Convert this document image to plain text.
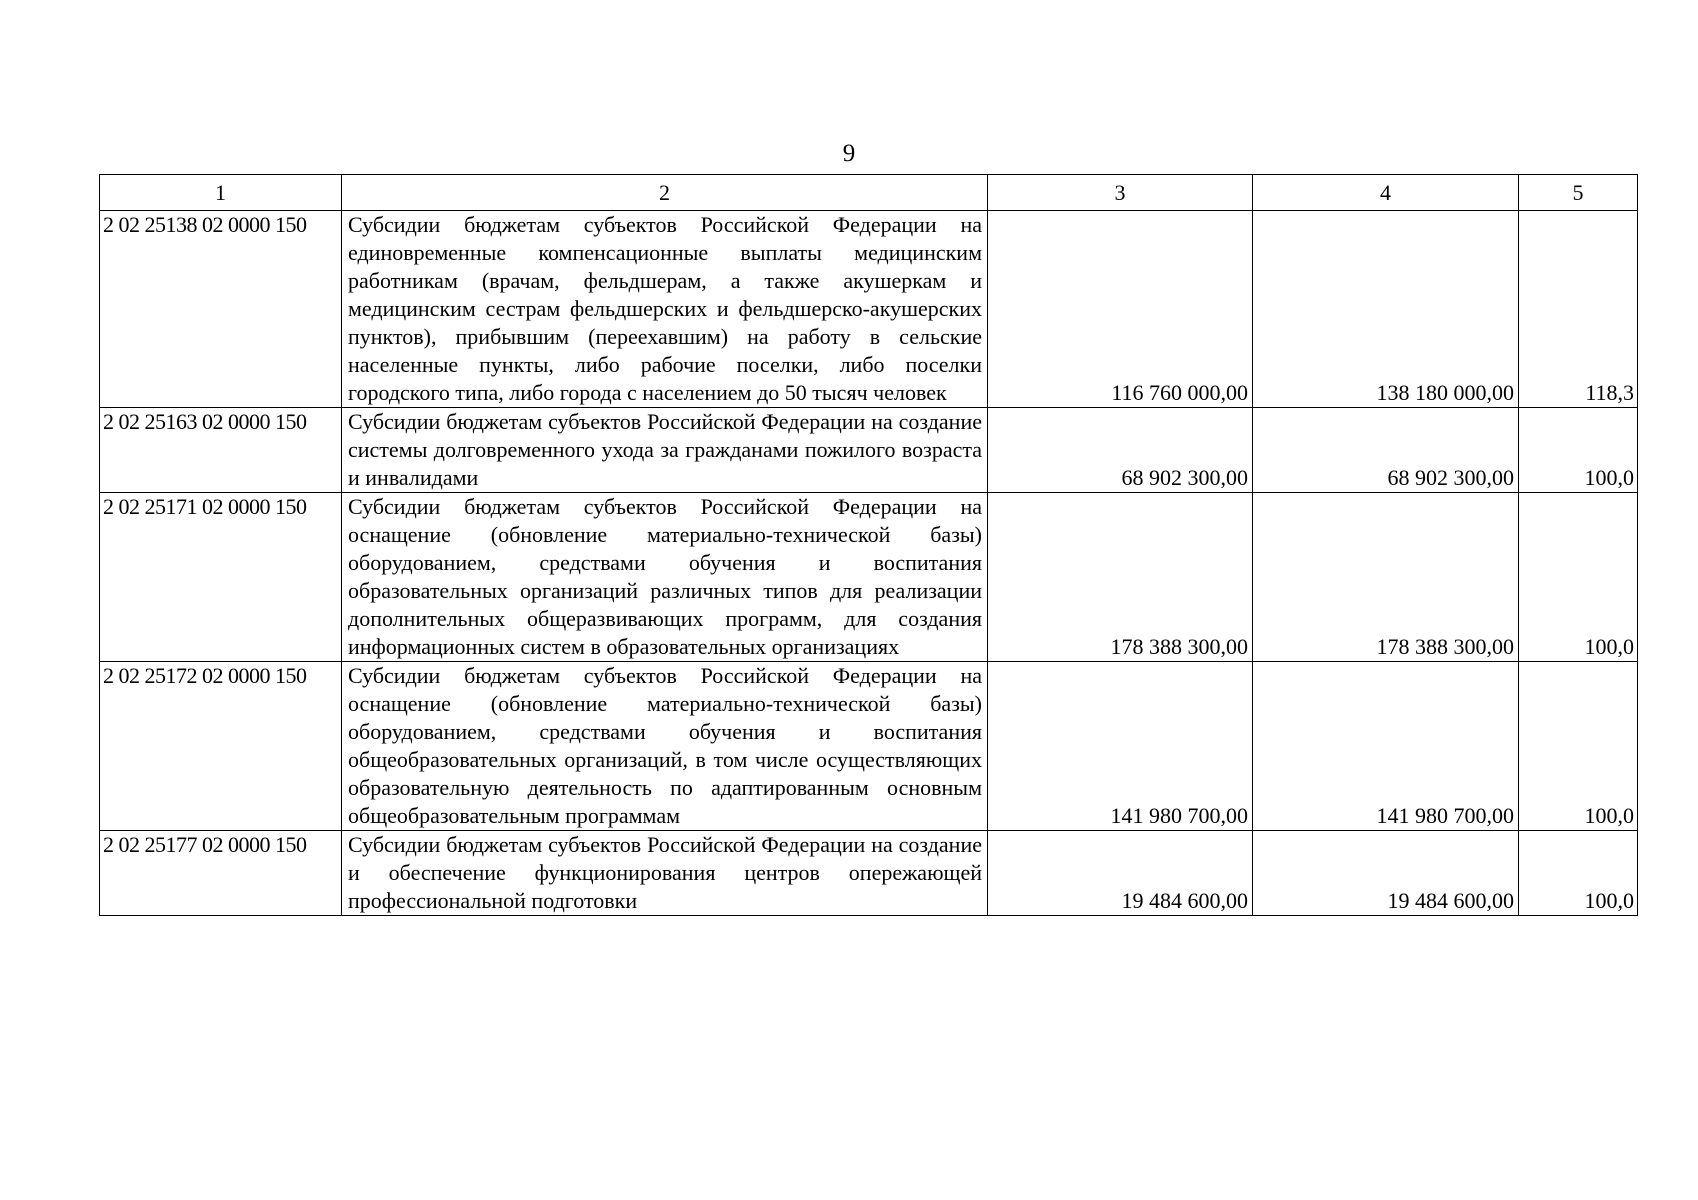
9
1	2	3	4	5
2 02 25138 02 0000 150	Субсидии бюджетам субъектов Российской Федерации на единовременные компенсационные выплаты медицинским работникам (врачам, фельдшерам, а также акушеркам и медицинским сестрам фельдшерских и фельдшерско-акушерских пунктов), прибывшим (переехавшим) на работу в сельские населенные пункты, либо рабочие поселки, либо поселки городского типа, либо города с населением до 50 тысяч человек	116 760 000,00	138 180 000,00	118,3
2 02 25163 02 0000 150	Субсидии бюджетам субъектов Российской Федерации на создание системы долговременного ухода за гражданами пожилого возраста и инвалидами	68 902 300,00	68 902 300,00	100,0
2 02 25171 02 0000 150	Субсидии бюджетам субъектов Российской Федерации на оснащение (обновление материально-технической базы) оборудованием, средствами обучения и воспитания образовательных организаций различных типов для реализации дополнительных общеразвивающих программ, для создания информационных систем в образовательных организациях	178 388 300,00	178 388 300,00	100,0
2 02 25172 02 0000 150	Субсидии бюджетам субъектов Российской Федерации на оснащение (обновление материально-технической базы) оборудованием, средствами обучения и воспитания общеобразовательных организаций, в том числе осуществляющих образовательную деятельность по адаптированным основным общеобразовательным программам	141 980 700,00	141 980 700,00	100,0
2 02 25177 02 0000 150	Субсидии бюджетам субъектов Российской Федерации на создание и обеспечение функционирования центров опережающей профессиональной подготовки	19 484 600,00	19 484 600,00	100,0
